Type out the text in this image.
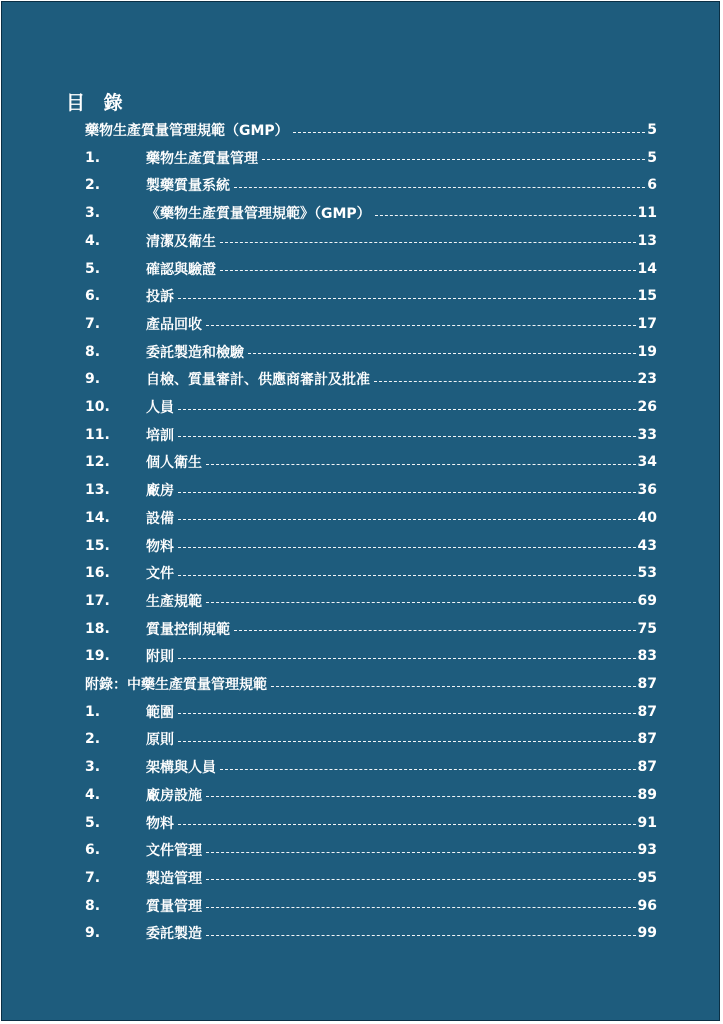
目 錄
藥物生產質量管理規範（GMP）	5
1.	藥物生產質量管理	5
2.	製藥質量系統	6
3.	《藥物生產質量管理規範》（GMP）	11
4.	清潔及衛生	13
5.	確認與驗證	14
6.	投訴	15
7.	產品回收	17
8.	委託製造和檢驗	19
9.	自檢、質量審計、供應商審計及批准	23
10.	人員	26
11.	培訓	33
12.	個人衛生	34
13.	廠房	36
14.	設備	40
15.	物料	43
16.	文件	53
17.	生產規範	69
18.	質量控制規範	75
19.	附則	83
附錄：中藥生產質量管理規範	87
1.	範圍	87
2.	原則	87
3.	架構與人員	87
4.	廠房設施	89
5.	物料	91
6.	文件管理	93
7.	製造管理	95
8.	質量管理	96
9.	委託製造	99
